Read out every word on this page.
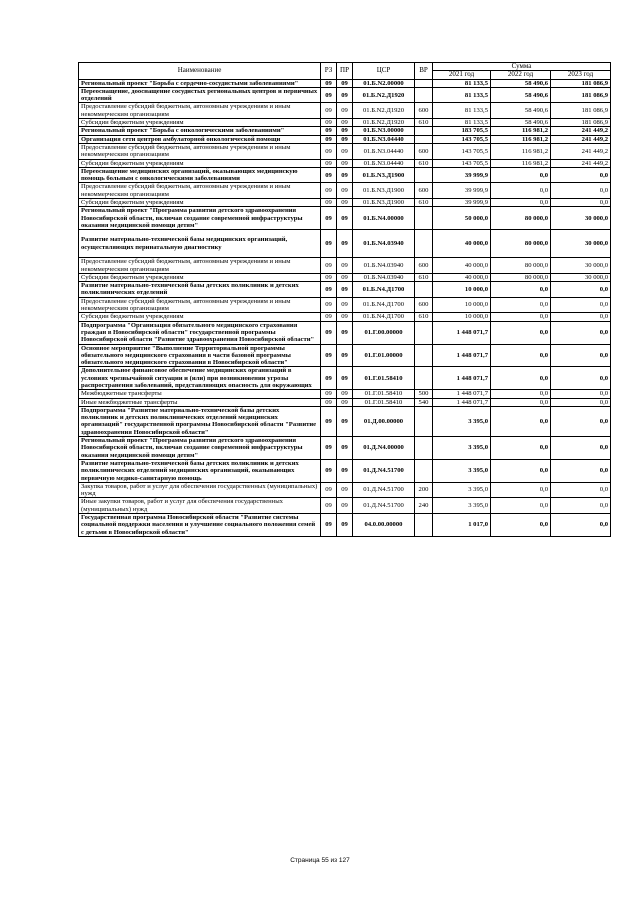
Наименование	РЗ	ПР	ЦСР	ВР	Сумма		
					2021 год	2022 год	2023 год
Региональный проект "Борьба с сердечно-сосудистыми заболеваниями"	09	09	01.Б.N2.00000		81 133,5	58 490,6	181 086,9
Переоснащение, дооснащение сосудистых региональных центров и первичных отделений	09	09	01.Б.N2.Д1920		81 133,5	58 490,6	181 086,9
Предоставление субсидий бюджетным, автономным учреждениям и иным некоммерческим организациям	09	09	01.Б.N2.Д1920	600	81 133,5	58 490,6	181 086,9
Субсидии бюджетным учреждениям	09	09	01.Б.N2.Д1920	610	81 133,5	58 490,6	181 086,9
Региональный проект "Борьба с онкологическими заболеваниями"	09	09	01.Б.N3.00000		183 705,5	116 981,2	241 449,2
Организация сети центров амбулаторной онкологической помощи	09	09	01.Б.N3.04440		143 705,5	116 981,2	241 449,2
Предоставление субсидий бюджетным, автономным учреждениям и иным некоммерческим организациям	09	09	01.Б.N3.04440	600	143 705,5	116 981,2	241 449,2
Субсидии бюджетным учреждениям	09	09	01.Б.N3.04440	610	143 705,5	116 981,2	241 449,2
Переоснащение медицинских организаций, оказывающих медицинскую помощь больным с онкологическими заболеваниями	09	09	01.Б.N3.Д1900		39 999,9	0,0	0,0
Предоставление субсидий бюджетным, автономным учреждениям и иным некоммерческим организациям	09	09	01.Б.N3.Д1900	600	39 999,9	0,0	0,0
Субсидии бюджетным учреждениям	09	09	01.Б.N3.Д1900	610	39 999,9	0,0	0,0
Региональный проект "Программа развития детского здравоохранения Новосибирской области, включая создание современной инфраструктуры оказания медицинской помощи детям"	09	09	01.Б.N4.00000		50 000,0	80 000,0	30 000,0
Развитие материально-технической базы медицинских организаций, осуществляющих перинатальную диагностику	09	09	01.Б.N4.03940		40 000,0	80 000,0	30 000,0
Предоставление субсидий бюджетным, автономным учреждениям и иным некоммерческим организациям	09	09	01.Б.N4.03940	600	40 000,0	80 000,0	30 000,0
Субсидии бюджетным учреждениям	09	09	01.Б.N4.03940	610	40 000,0	80 000,0	30 000,0
Развитие материально-технической базы детских поликлиник и детских поликлинических отделений	09	09	01.Б.N4.Д1700		10 000,0	0,0	0,0
Предоставление субсидий бюджетным, автономным учреждениям и иным некоммерческим организациям	09	09	01.Б.N4.Д1700	600	10 000,0	0,0	0,0
Субсидии бюджетным учреждениям	09	09	01.Б.N4.Д1700	610	10 000,0	0,0	0,0
Подпрограмма "Организация обязательного медицинского страхования граждан в Новосибирской области" государственной программы Новосибирской области "Развитие здравоохранения Новосибирской области"	09	09	01.Г.00.00000		1 448 071,7	0,0	0,0
Основное мероприятие "Выполнение Территориальной программы обязательного медицинского страхования в части базовой программы обязательного медицинского страхования в Новосибирской области"	09	09	01.Г.01.00000		1 448 071,7	0,0	0,0
Дополнительное финансовое обеспечение медицинских организаций в условиях чрезвычайной ситуации и (или) при возникновении угрозы распространения заболеваний, представляющих опасность для окружающих	09	09	01.Г.01.58410		1 448 071,7	0,0	0,0
Межбюджетные трансферты	09	09	01.Г.01.58410	500	1 448 071,7	0,0	0,0
Иные межбюджетные трансферты	09	09	01.Г.01.58410	540	1 448 071,7	0,0	0,0
Подпрограмма "Развитие материально-технической базы детских поликлиник и детских поликлинических отделений медицинских организаций" государственной программы Новосибирской области "Развитие здравоохранения Новосибирской области"	09	09	01.Д.00.00000		3 395,0	0,0	0,0
Региональный проект "Программа развития детского здравоохранения Новосибирской области, включая создание современной инфраструктуры оказания медицинской помощи детям"	09	09	01.Д.N4.00000		3 395,0	0,0	0,0
Развитие материально-технической базы детских поликлиник и детских поликлинических отделений медицинских организаций, оказывающих первичную медико-санитарную помощь	09	09	01.Д.N4.51700		3 395,0	0,0	0,0
Закупка товаров, работ и услуг для обеспечения государственных (муниципальных) нужд	09	09	01.Д.N4.51700	200	3 395,0	0,0	0,0
Иные закупки товаров, работ и услуг для обеспечения государственных (муниципальных) нужд	09	09	01.Д.N4.51700	240	3 395,0	0,0	0,0
Государственная программа Новосибирской области "Развитие системы социальной поддержки населения и улучшение социального положения семей с детьми в Новосибирской области"	09	09	04.0.00.00000		1 017,0	0,0	0,0
Страница 55 из 127
